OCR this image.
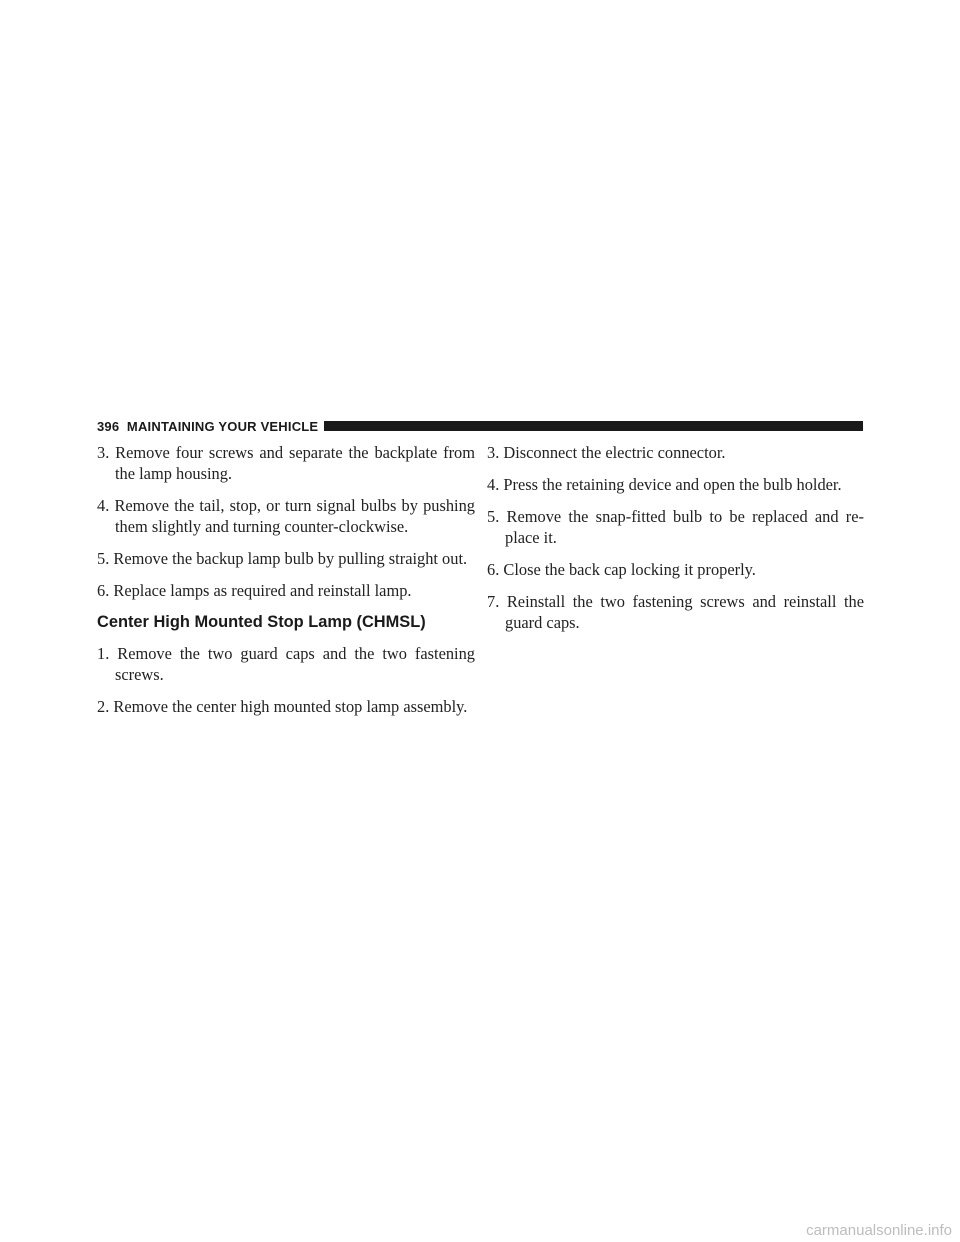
396 MAINTAINING YOUR VEHICLE

3. Remove four screws and separate the backplate from the lamp housing.

4. Remove the tail, stop, or turn signal bulbs by pushing them slightly and turning counter-clockwise.

5. Remove the backup lamp bulb by pulling straight out.

6. Replace lamps as required and reinstall lamp.

Center High Mounted Stop Lamp (CHMSL)

1. Remove the two guard caps and the two fastening screws.

2. Remove the center high mounted stop lamp assembly.

3. Disconnect the electric connector.

4. Press the retaining device and open the bulb holder.

5. Remove the snap-fitted bulb to be replaced and re-place it.

6. Close the back cap locking it properly.

7. Reinstall the two fastening screws and reinstall the guard caps.

carmanualsonline.info
